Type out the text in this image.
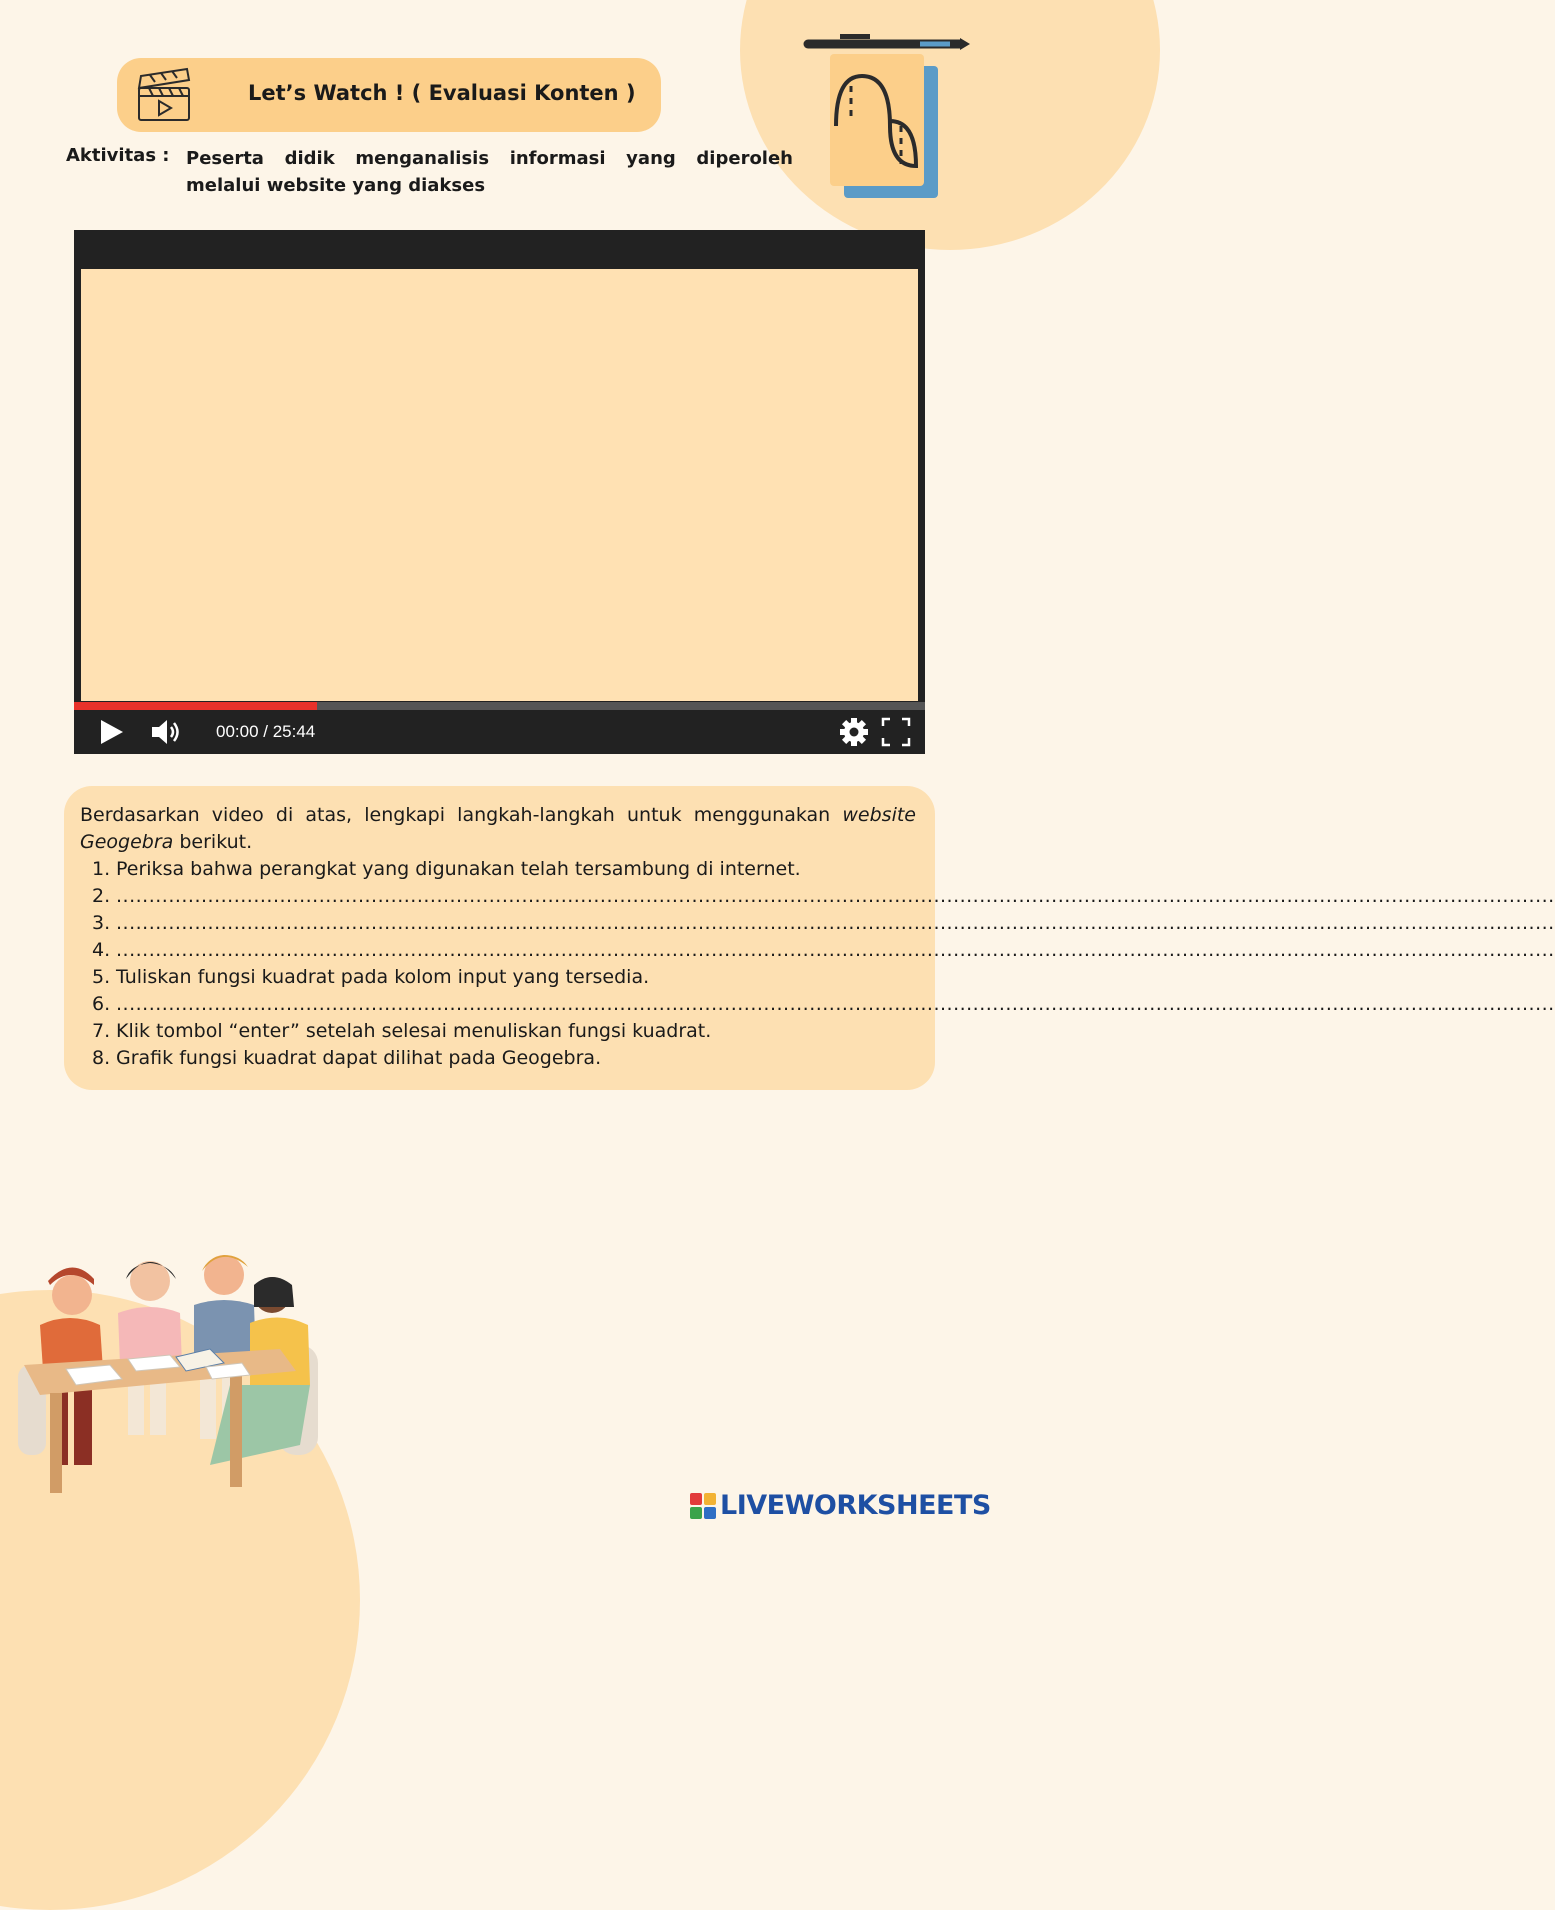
Let’s Watch ! ( Evaluasi Konten )
Aktivitas : Peserta didik menganalisis informasi yang diperoleh melalui website yang diakses
00:00 / 25:44
Berdasarkan video di atas, lengkapi langkah-langkah untuk menggunakan website Geogebra berikut.
1. Periksa bahwa perangkat yang digunakan telah tersambung di internet.
2. ............................................................................................................................................................................................................................
3. ............................................................................................................................................................................................................................
4. ............................................................................................................................................................................................................................
5. Tuliskan fungsi kuadrat pada kolom input yang tersedia.
6. ............................................................................................................................................................................................................................
7. Klik tombol “enter” setelah selesai menuliskan fungsi kuadrat.
8. Grafik fungsi kuadrat dapat dilihat pada Geogebra.
LIVEWORKSHEETS
